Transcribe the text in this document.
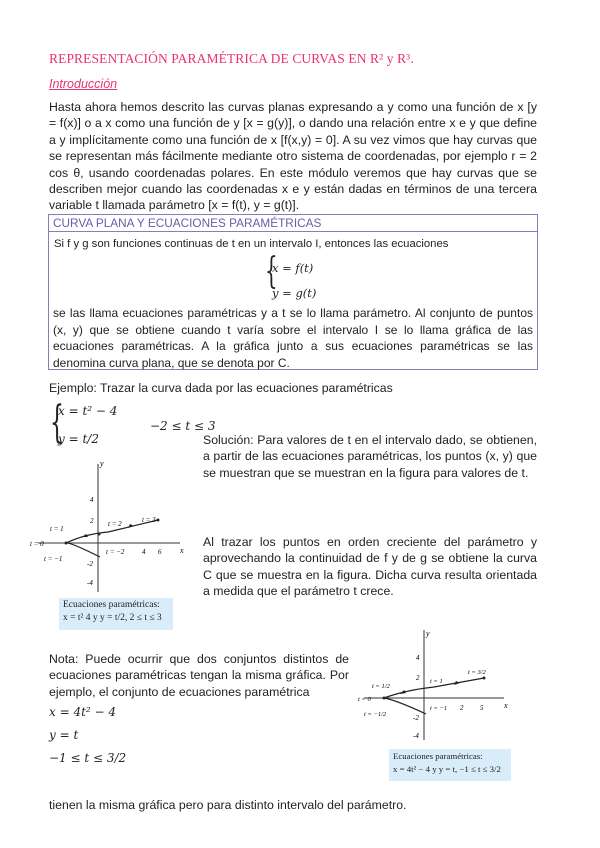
REPRESENTACIÓN PARAMÉTRICA DE CURVAS EN R² y R³.
Introducción
Hasta ahora hemos descrito las curvas planas expresando a y como una función de x [y = f(x)] o a x como una función de y [x = g(y)], o dando una relación entre x e y que define a y implícitamente como una función de x [f(x,y) = 0]. A su vez vimos que hay curvas que se representan más fácilmente mediante otro sistema de coordenadas, por ejemplo r = 2 cos θ, usando coordenadas polares. En este módulo veremos que hay curvas que se describen mejor cuando las coordenadas x e y están dadas en términos de una tercera variable t llamada parámetro [x = f(t), y = g(t)].
CURVA PLANA Y ECUACIONES PARAMÉTRICAS
Si f y g son funciones continuas de t en un intervalo I, entonces las ecuaciones
{
x = f(t)
y = g(t)
se las llama ecuaciones paramétricas y a t se lo llama parámetro. Al conjunto de puntos (x, y) que se obtiene cuando t varía sobre el intervalo I se lo llama gráfica de las ecuaciones paramétricas. A la gráfica junto a sus ecuaciones paramétricas se las denomina curva plana, que se denota por C.
Ejemplo: Trazar la curva dada por las ecuaciones paramétricas
{
x = t² − 4
y = t/2
−2 ≤ t ≤ 3
Solución: Para valores de t en el intervalo dado, se obtienen, a partir de las ecuaciones paramétricas, los puntos (x, y) que se muestran que se muestran en la figura para valores de t.
Al trazar los puntos en orden creciente del parámetro y aprovechando la continuidad de f y de g se obtiene la curva C que se muestra en la figura. Dicha curva resulta orientada a medida que el parámetro t crece.
y
x
4 6
4
2
-2
-4
t = 1
t = 2	t = 3
t = 0
t = −1
t = −2
Ecuaciones paramétricas:
x = t² 4 y y = t/2, 2 ≤ t ≤ 3
Nota: Puede ocurrir que dos conjuntos distintos de ecuaciones paramétricas tengan la misma gráfica. Por ejemplo, el conjunto de ecuaciones paramétrica
x = 4t² − 4
y = t
−1 ≤ t ≤ 3/2
y
x
2 5
4
2
-2
-4
t = 1/2
t = 1
t = 3/2
t = 0
t = −1/2
t = −1
Ecuaciones paramétricas:
x = 4t² − 4 y y = t, −1 ≤ t ≤ 3/2
tienen la misma gráfica pero para distinto intervalo del parámetro.
